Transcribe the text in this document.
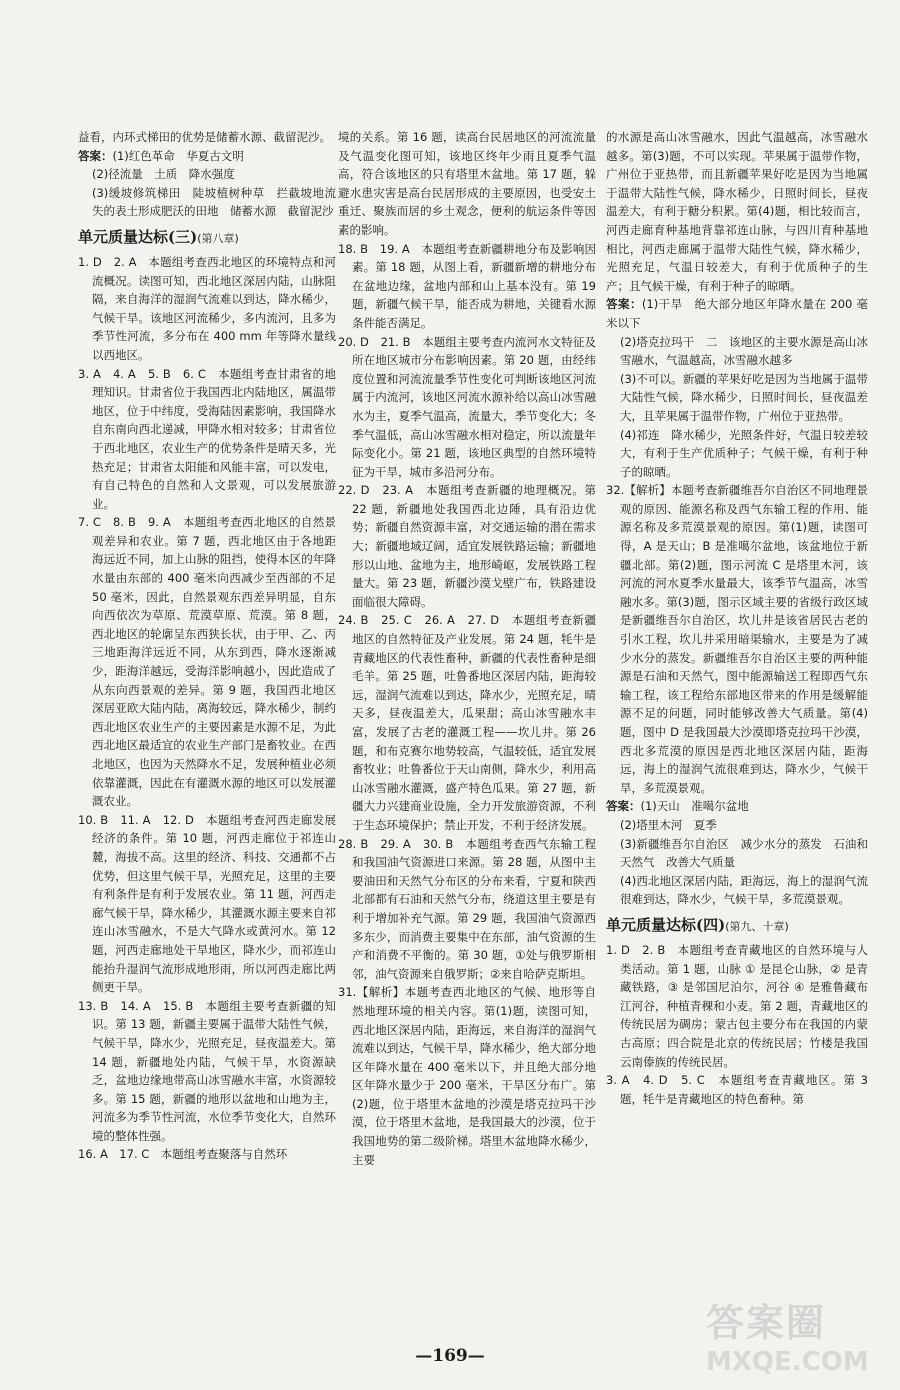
益看，内环式梯田的优势是储蓄水源、截留泥沙。

答案：(1)红色革命　华夏古文明

(2)径流量　土质　降水强度

(3)缓坡修筑梯田　陡坡植树种草　拦截坡地流失的表土形成肥沃的田地　储蓄水源　截留泥沙

单元质量达标(三)(第八章)

1. D　2. A　本题组考查西北地区的环境特点和河流概况。读图可知，西北地区深居内陆，山脉阻隔，来自海洋的湿润气流难以到达，降水稀少，气候干旱。该地区河流稀少，多内流河，且多为季节性河流，多分布在 400 mm 年等降水量线以西地区。

3. A　4. A　5. B　6. C　本题组考查甘肃省的地理知识。甘肃省位于我国西北内陆地区，属温带地区，位于中纬度，受海陆因素影响，我国降水自东南向西北递减，甲降水相对较多；甘肃省位于西北地区，农业生产的优势条件是晴天多，光热充足；甘肃省太阳能和风能丰富，可以发电，有自己特色的自然和人文景观，可以发展旅游业。

7. C　8. B　9. A　本题组考查西北地区的自然景观差异和农业。第 7 题，西北地区由于各地距海远近不同，加上山脉的阻挡，使得本区的年降水量由东部的 400 毫米向西减少至西部的不足 50 毫米，因此，自然景观东西差异明显，自东向西依次为草原、荒漠草原、荒漠。第 8 题，西北地区的轮廓呈东西狭长状，由于甲、乙、丙三地距海洋远近不同，从东到西，降水逐渐减少，距海洋越远，受海洋影响越小，因此造成了从东向西景观的差异。第 9 题，我国西北地区深居亚欧大陆内陆，离海较远，降水稀少，制约西北地区农业生产的主要因素是水源不足，为此西北地区最适宜的农业生产部门是畜牧业。在西北地区，也因为天然降水不足，发展种植业必须依靠灌溉，因此在有灌溉水源的地区可以发展灌溉农业。

10. B　11. A　12. D　本题组考查河西走廊发展经济的条件。第 10 题，河西走廊位于祁连山麓，海拔不高。这里的经济、科技、交通都不占优势，但这里气候干旱，光照充足，这里的主要有利条件是有利于发展农业。第 11 题，河西走廊气候干旱，降水稀少，其灌溉水源主要来自祁连山冰雪融水，不是大气降水或黄河水。第 12 题，河西走廊地处干旱地区，降水少，而祁连山能抬升湿润气流形成地形雨，所以河西走廊比两侧更干旱。

13. B　14. A　15. B　本题组主要考查新疆的知识。第 13 题，新疆主要属于温带大陆性气候，气候干旱，降水少，光照充足，昼夜温差大。第 14 题，新疆地处内陆，气候干旱，水资源缺乏，盆地边缘地带高山冰雪融水丰富，水资源较多。第 15 题，新疆的地形以盆地和山地为主，河流多为季节性河流，水位季节变化大，自然环境的整体性强。

16. A　17. C　本题组考查聚落与自然环

境的关系。第 16 题，读高台民居地区的河流流量及气温变化图可知，该地区终年少雨且夏季气温高，符合该地区的只有塔里木盆地。第 17 题，躲避水患灾害是高台民居形成的主要原因，也受安土重迁、聚族而居的乡土观念，便利的航运条件等因素的影响。

18. B　19. A　本题组考查新疆耕地分布及影响因素。第 18 题，从图上看，新疆新增的耕地分布在盆地边缘，盆地内部和山上基本没有。第 19 题，新疆气候干旱，能否成为耕地，关键看水源条件能否满足。

20. D　21. B　本题组主要考查内流河水文特征及所在地区城市分布影响因素。第 20 题，由经纬度位置和河流流量季节性变化可判断该地区河流属于内流河，该地区河流水源补给以高山冰雪融水为主，夏季气温高，流量大，季节变化大；冬季气温低，高山冰雪融水相对稳定，所以流量年际变化小。第 21 题，该地区典型的自然环境特征为干旱，城市多沿河分布。

22. D　23. A　本题组考查新疆的地理概况。第 22 题，新疆地处我国西北边陲，具有沿边优势；新疆自然资源丰富，对交通运输的潜在需求大；新疆地域辽阔，适宜发展铁路运输；新疆地形以山地、盆地为主，地形崎岖，发展铁路工程量大。第 23 题，新疆沙漠戈壁广布，铁路建设面临很大障碍。

24. B　25. C　26. A　27. D　本题组考查新疆地区的自然特征及产业发展。第 24 题，牦牛是青藏地区的代表性畜种，新疆的代表性畜种是细毛羊。第 25 题，吐鲁番地区深居内陆，距海较远，湿润气流难以到达，降水少，光照充足，晴天多，昼夜温差大，瓜果甜；高山冰雪融水丰富，发展了古老的灌溉工程——坎儿井。第 26 题，和布克赛尔地势较高，气温较低，适宜发展畜牧业；吐鲁番位于天山南侧，降水少，利用高山冰雪融水灌溉，盛产特色瓜果。第 27 题，新疆大力兴建商业设施，全力开发旅游资源，不利于生态环境保护；禁止开发，不利于经济发展。

28. B　29. A　30. B　本题组考查西气东输工程和我国油气资源进口来源。第 28 题，从图中主要油田和天然气分布区的分布来看，宁夏和陕西北部都有石油和天然气分布，绕道这里主要是有利于增加补充气源。第 29 题，我国油气资源西多东少，而消费主要集中在东部，油气资源的生产和消费不平衡的。第 30 题，①处与俄罗斯相邻，油气资源来自俄罗斯；②来自哈萨克斯坦。

31.【解析】本题考查西北地区的气候、地形等自然地理环境的相关内容。第(1)题，读图可知，西北地区深居内陆，距海远，来自海洋的湿润气流难以到达，气候干旱，降水稀少，绝大部分地区年降水量在 400 毫米以下，并且绝大部分地区年降水量少于 200 毫米，干旱区分布广。第(2)题，位于塔里木盆地的沙漠是塔克拉玛干沙漠，位于塔里木盆地，是我国最大的沙漠，位于我国地势的第二级阶梯。塔里木盆地降水稀少，主要

的水源是高山冰雪融水，因此气温越高，冰雪融水越多。第(3)题，不可以实现。苹果属于温带作物，广州位于亚热带，而且新疆苹果好吃是因为当地属于温带大陆性气候，降水稀少，日照时间长，昼夜温差大，有利于糖分积累。第(4)题，相比较而言，河西走廊育种基地背靠祁连山脉，与四川育种基地相比，河西走廊属于温带大陆性气候，降水稀少，光照充足，气温日较差大，有利于优质种子的生产；且气候干燥，有利于种子的晾晒。

答案：(1)干旱　绝大部分地区年降水量在 200 毫米以下

(2)塔克拉玛干　二　该地区的主要水源是高山冰雪融水，气温越高，冰雪融水越多

(3)不可以。新疆的苹果好吃是因为当地属于温带大陆性气候，降水稀少，日照时间长，昼夜温差大，且苹果属于温带作物，广州位于亚热带。

(4)祁连　降水稀少，光照条件好，气温日较差较大，有利于生产优质种子；气候干燥，有利于种子的晾晒。

32.【解析】本题考查新疆维吾尔自治区不同地理景观的原因、能源名称及西气东输工程的作用、能源名称及多荒漠景观的原因。第(1)题，读图可得，A 是天山；B 是准噶尔盆地，该盆地位于新疆北部。第(2)题，图示河流 C 是塔里木河，该河流的河水夏季水量最大，该季节气温高，冰雪融水多。第(3)题，图示区域主要的省级行政区域是新疆维吾尔自治区，坎儿井是该省居民古老的引水工程，坎儿井采用暗渠输水，主要是为了减少水分的蒸发。新疆维吾尔自治区主要的两种能源是石油和天然气，图中能源输送工程即西气东输工程，该工程给东部地区带来的作用是缓解能源不足的问题，同时能够改善大气质量。第(4)题，图中 D 是我国最大沙漠即塔克拉玛干沙漠，西北多荒漠的原因是西北地区深居内陆，距海远，海上的湿润气流很难到达，降水少，气候干旱，多荒漠景观。

答案：(1)天山　准噶尔盆地

(2)塔里木河　夏季

(3)新疆维吾尔自治区　减少水分的蒸发　石油和天然气　改善大气质量

(4)西北地区深居内陆，距海远，海上的湿润气流很难到达，降水少，气候干旱，多荒漠景观。

单元质量达标(四)(第九、十章)

1. D　2. B　本题组考查青藏地区的自然环境与人类活动。第 1 题，山脉 ① 是昆仑山脉，② 是青藏铁路，③ 是邻国尼泊尔，河谷 ④ 是雅鲁藏布江河谷，种植青稞和小麦。第 2 题，青藏地区的传统民居为碉房；蒙古包主要分布在我国的内蒙古高原；四合院是北京的传统民居；竹楼是我国云南傣族的传统民居。

3. A　4. D　5. C　本题组考查青藏地区。第 3 题，牦牛是青藏地区的特色畜种。第

—169—
答案圈
MXQE.COM
